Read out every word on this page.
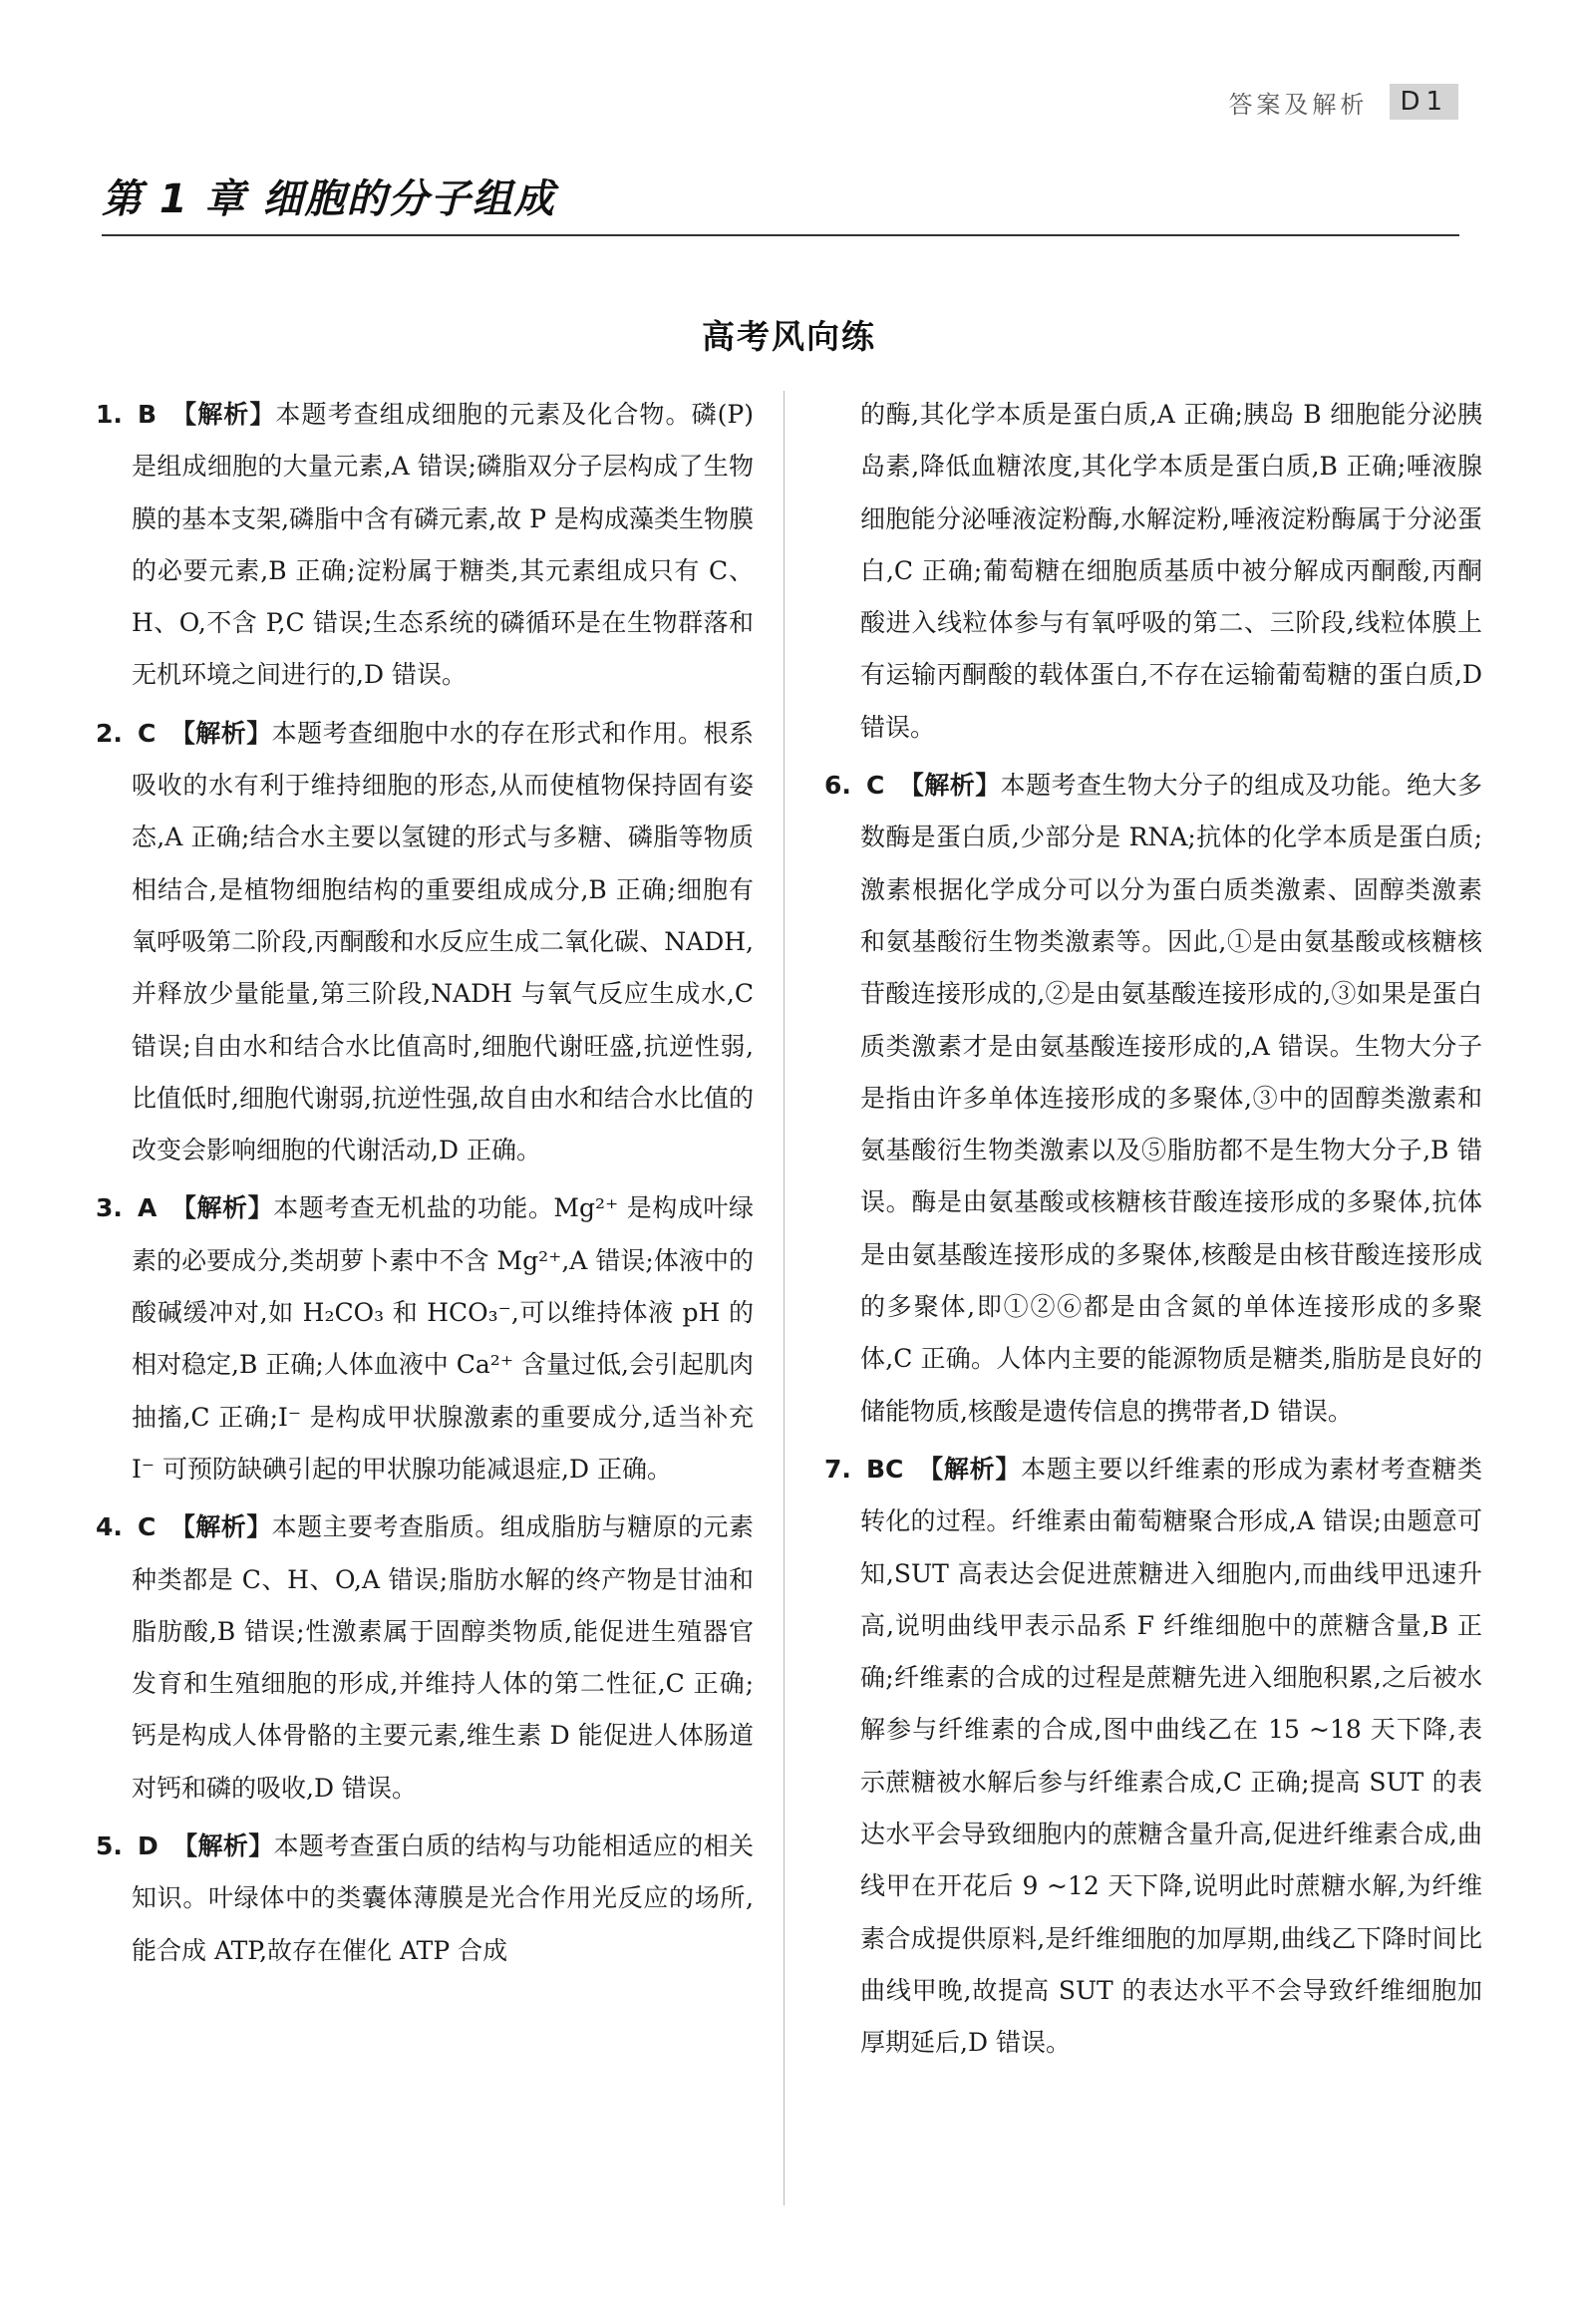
答案及解析	D1
第 1 章 细胞的分子组成
高考风向练
1. B 【解析】本题考查组成细胞的元素及化合物。磷(P)是组成细胞的大量元素,A 错误;磷脂双分子层构成了生物膜的基本支架,磷脂中含有磷元素,故 P 是构成藻类生物膜的必要元素,B 正确;淀粉属于糖类,其元素组成只有 C、H、O,不含 P,C 错误;生态系统的磷循环是在生物群落和无机环境之间进行的,D 错误。
2. C 【解析】本题考查细胞中水的存在形式和作用。根系吸收的水有利于维持细胞的形态,从而使植物保持固有姿态,A 正确;结合水主要以氢键的形式与多糖、磷脂等物质相结合,是植物细胞结构的重要组成成分,B 正确;细胞有氧呼吸第二阶段,丙酮酸和水反应生成二氧化碳、NADH,并释放少量能量,第三阶段,NADH 与氧气反应生成水,C 错误;自由水和结合水比值高时,细胞代谢旺盛,抗逆性弱,比值低时,细胞代谢弱,抗逆性强,故自由水和结合水比值的改变会影响细胞的代谢活动,D 正确。
3. A 【解析】本题考查无机盐的功能。Mg²⁺ 是构成叶绿素的必要成分,类胡萝卜素中不含 Mg²⁺,A 错误;体液中的酸碱缓冲对,如 H₂CO₃ 和 HCO₃⁻,可以维持体液 pH 的相对稳定,B 正确;人体血液中 Ca²⁺ 含量过低,会引起肌肉抽搐,C 正确;I⁻ 是构成甲状腺激素的重要成分,适当补充 I⁻ 可预防缺碘引起的甲状腺功能减退症,D 正确。
4. C 【解析】本题主要考查脂质。组成脂肪与糖原的元素种类都是 C、H、O,A 错误;脂肪水解的终产物是甘油和脂肪酸,B 错误;性激素属于固醇类物质,能促进生殖器官发育和生殖细胞的形成,并维持人体的第二性征,C 正确;钙是构成人体骨骼的主要元素,维生素 D 能促进人体肠道对钙和磷的吸收,D 错误。
5. D 【解析】本题考查蛋白质的结构与功能相适应的相关知识。叶绿体中的类囊体薄膜是光合作用光反应的场所,能合成 ATP,故存在催化 ATP 合成
的酶,其化学本质是蛋白质,A 正确;胰岛 B 细胞能分泌胰岛素,降低血糖浓度,其化学本质是蛋白质,B 正确;唾液腺细胞能分泌唾液淀粉酶,水解淀粉,唾液淀粉酶属于分泌蛋白,C 正确;葡萄糖在细胞质基质中被分解成丙酮酸,丙酮酸进入线粒体参与有氧呼吸的第二、三阶段,线粒体膜上有运输丙酮酸的载体蛋白,不存在运输葡萄糖的蛋白质,D 错误。
6. C 【解析】本题考查生物大分子的组成及功能。绝大多数酶是蛋白质,少部分是 RNA;抗体的化学本质是蛋白质;激素根据化学成分可以分为蛋白质类激素、固醇类激素和氨基酸衍生物类激素等。因此,①是由氨基酸或核糖核苷酸连接形成的,②是由氨基酸连接形成的,③如果是蛋白质类激素才是由氨基酸连接形成的,A 错误。生物大分子是指由许多单体连接形成的多聚体,③中的固醇类激素和氨基酸衍生物类激素以及⑤脂肪都不是生物大分子,B 错误。酶是由氨基酸或核糖核苷酸连接形成的多聚体,抗体是由氨基酸连接形成的多聚体,核酸是由核苷酸连接形成的多聚体,即①②⑥都是由含氮的单体连接形成的多聚体,C 正确。人体内主要的能源物质是糖类,脂肪是良好的储能物质,核酸是遗传信息的携带者,D 错误。
7. BC 【解析】本题主要以纤维素的形成为素材考查糖类转化的过程。纤维素由葡萄糖聚合形成,A 错误;由题意可知,SUT 高表达会促进蔗糖进入细胞内,而曲线甲迅速升高,说明曲线甲表示品系 F 纤维细胞中的蔗糖含量,B 正确;纤维素的合成的过程是蔗糖先进入细胞积累,之后被水解参与纤维素的合成,图中曲线乙在 15 ~18 天下降,表示蔗糖被水解后参与纤维素合成,C 正确;提高 SUT 的表达水平会导致细胞内的蔗糖含量升高,促进纤维素合成,曲线甲在开花后 9 ~12 天下降,说明此时蔗糖水解,为纤维素合成提供原料,是纤维细胞的加厚期,曲线乙下降时间比曲线甲晚,故提高 SUT 的表达水平不会导致纤维细胞加厚期延后,D 错误。
